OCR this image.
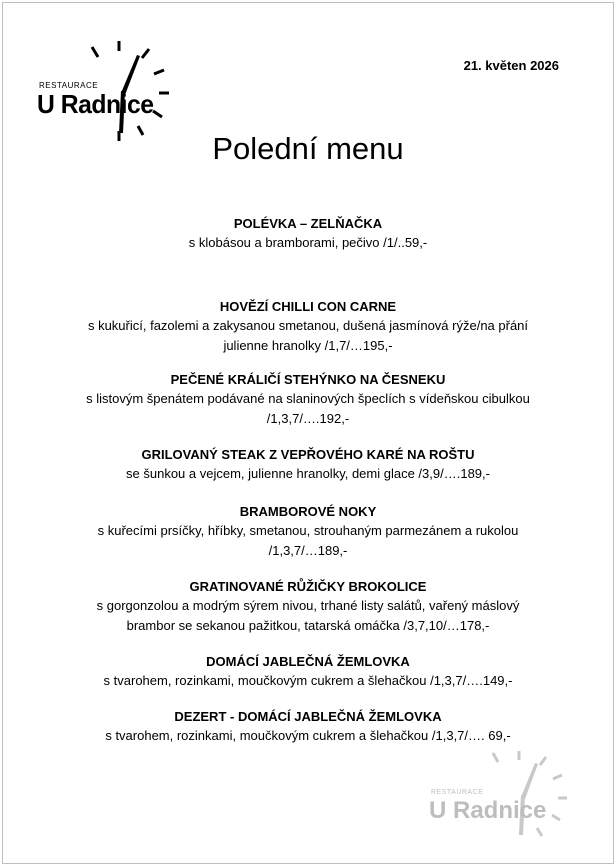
RESTAURACE
U Radnice
21. květen 2026
Polední menu
POLÉVKA – ZELŇAČKA
s klobásou a bramborami, pečivo /1/..59,-
HOVĚZÍ CHILLI CON CARNE
s kukuřicí, fazolemi a zakysanou smetanou, dušená jasmínová rýže/na přání
julienne hranolky /1,7/…195,-
PEČENÉ KRÁLIČÍ STEHÝNKO NA ČESNEKU
s listovým špenátem podávané na slaninových špeclích s vídeňskou cibulkou
/1,3,7/….192,-
GRILOVANÝ STEAK Z VEPŘOVÉHO KARÉ NA ROŠTU
se šunkou a vejcem, julienne hranolky, demi glace /3,9/….189,-
BRAMBOROVÉ NOKY
s kuřecími prsíčky, hříbky, smetanou, strouhaným parmezánem a rukolou
/1,3,7/…189,-
GRATINOVANÉ RŮŽIČKY BROKOLICE
s gorgonzolou a modrým sýrem nivou, trhané listy salátů, vařený máslový
brambor se sekanou pažitkou, tatarská omáčka /3,7,10/…178,-
DOMÁCÍ JABLEČNÁ ŽEMLOVKA
s tvarohem, rozinkami, moučkovým cukrem a šlehačkou /1,3,7/….149,-
DEZERT - DOMÁCÍ JABLEČNÁ ŽEMLOVKA
s tvarohem, rozinkami, moučkovým cukrem a šlehačkou /1,3,7/…. 69,-
RESTAURACE
U Radnice
